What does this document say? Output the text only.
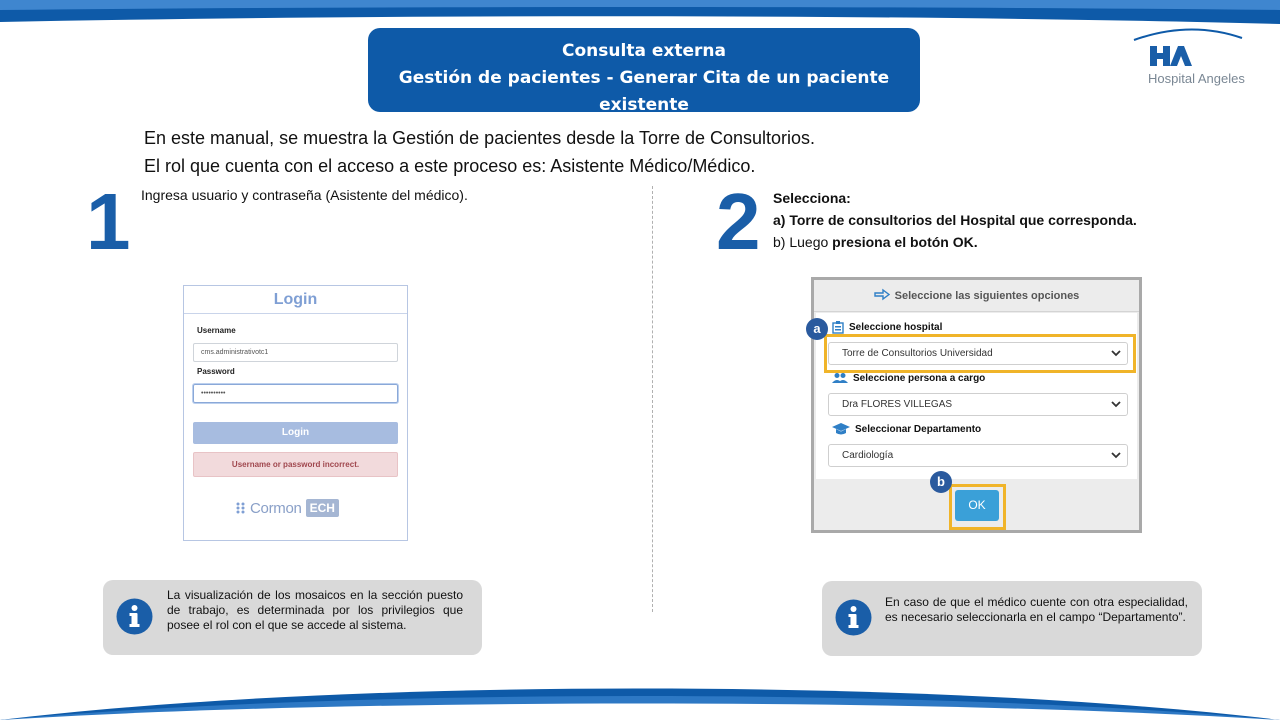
Consulta externa
Gestión de pacientes - Generar Cita de un paciente existente
Hospital Angeles
En este manual, se muestra la Gestión de pacientes desde la Torre de Consultorios.
El rol que cuenta con el acceso a este proceso es: Asistente Médico/Médico.
1 Ingresa usuario y contraseña (Asistente del médico).
Login
Username
cms.administrativotc1
Password
••••••••••
Login
Username or password incorrect.
Cormon ECH
La visualización de los mosaicos en la sección puesto de trabajo, es determinada por los privilegios que posee el rol con el que se accede al sistema.
2 Selecciona:
a) Torre de consultorios del Hospital que corresponda.
b) Luego presiona el botón OK.
Seleccione las siguientes opciones
Seleccione hospital
Torre de Consultorios Universidad
Seleccione persona a cargo
Dra FLORES VILLEGAS
Seleccionar Departamento
Cardiología
OK
a
b
En caso de que el médico cuente con otra especialidad, es necesario seleccionarla en el campo “Departamento”.
